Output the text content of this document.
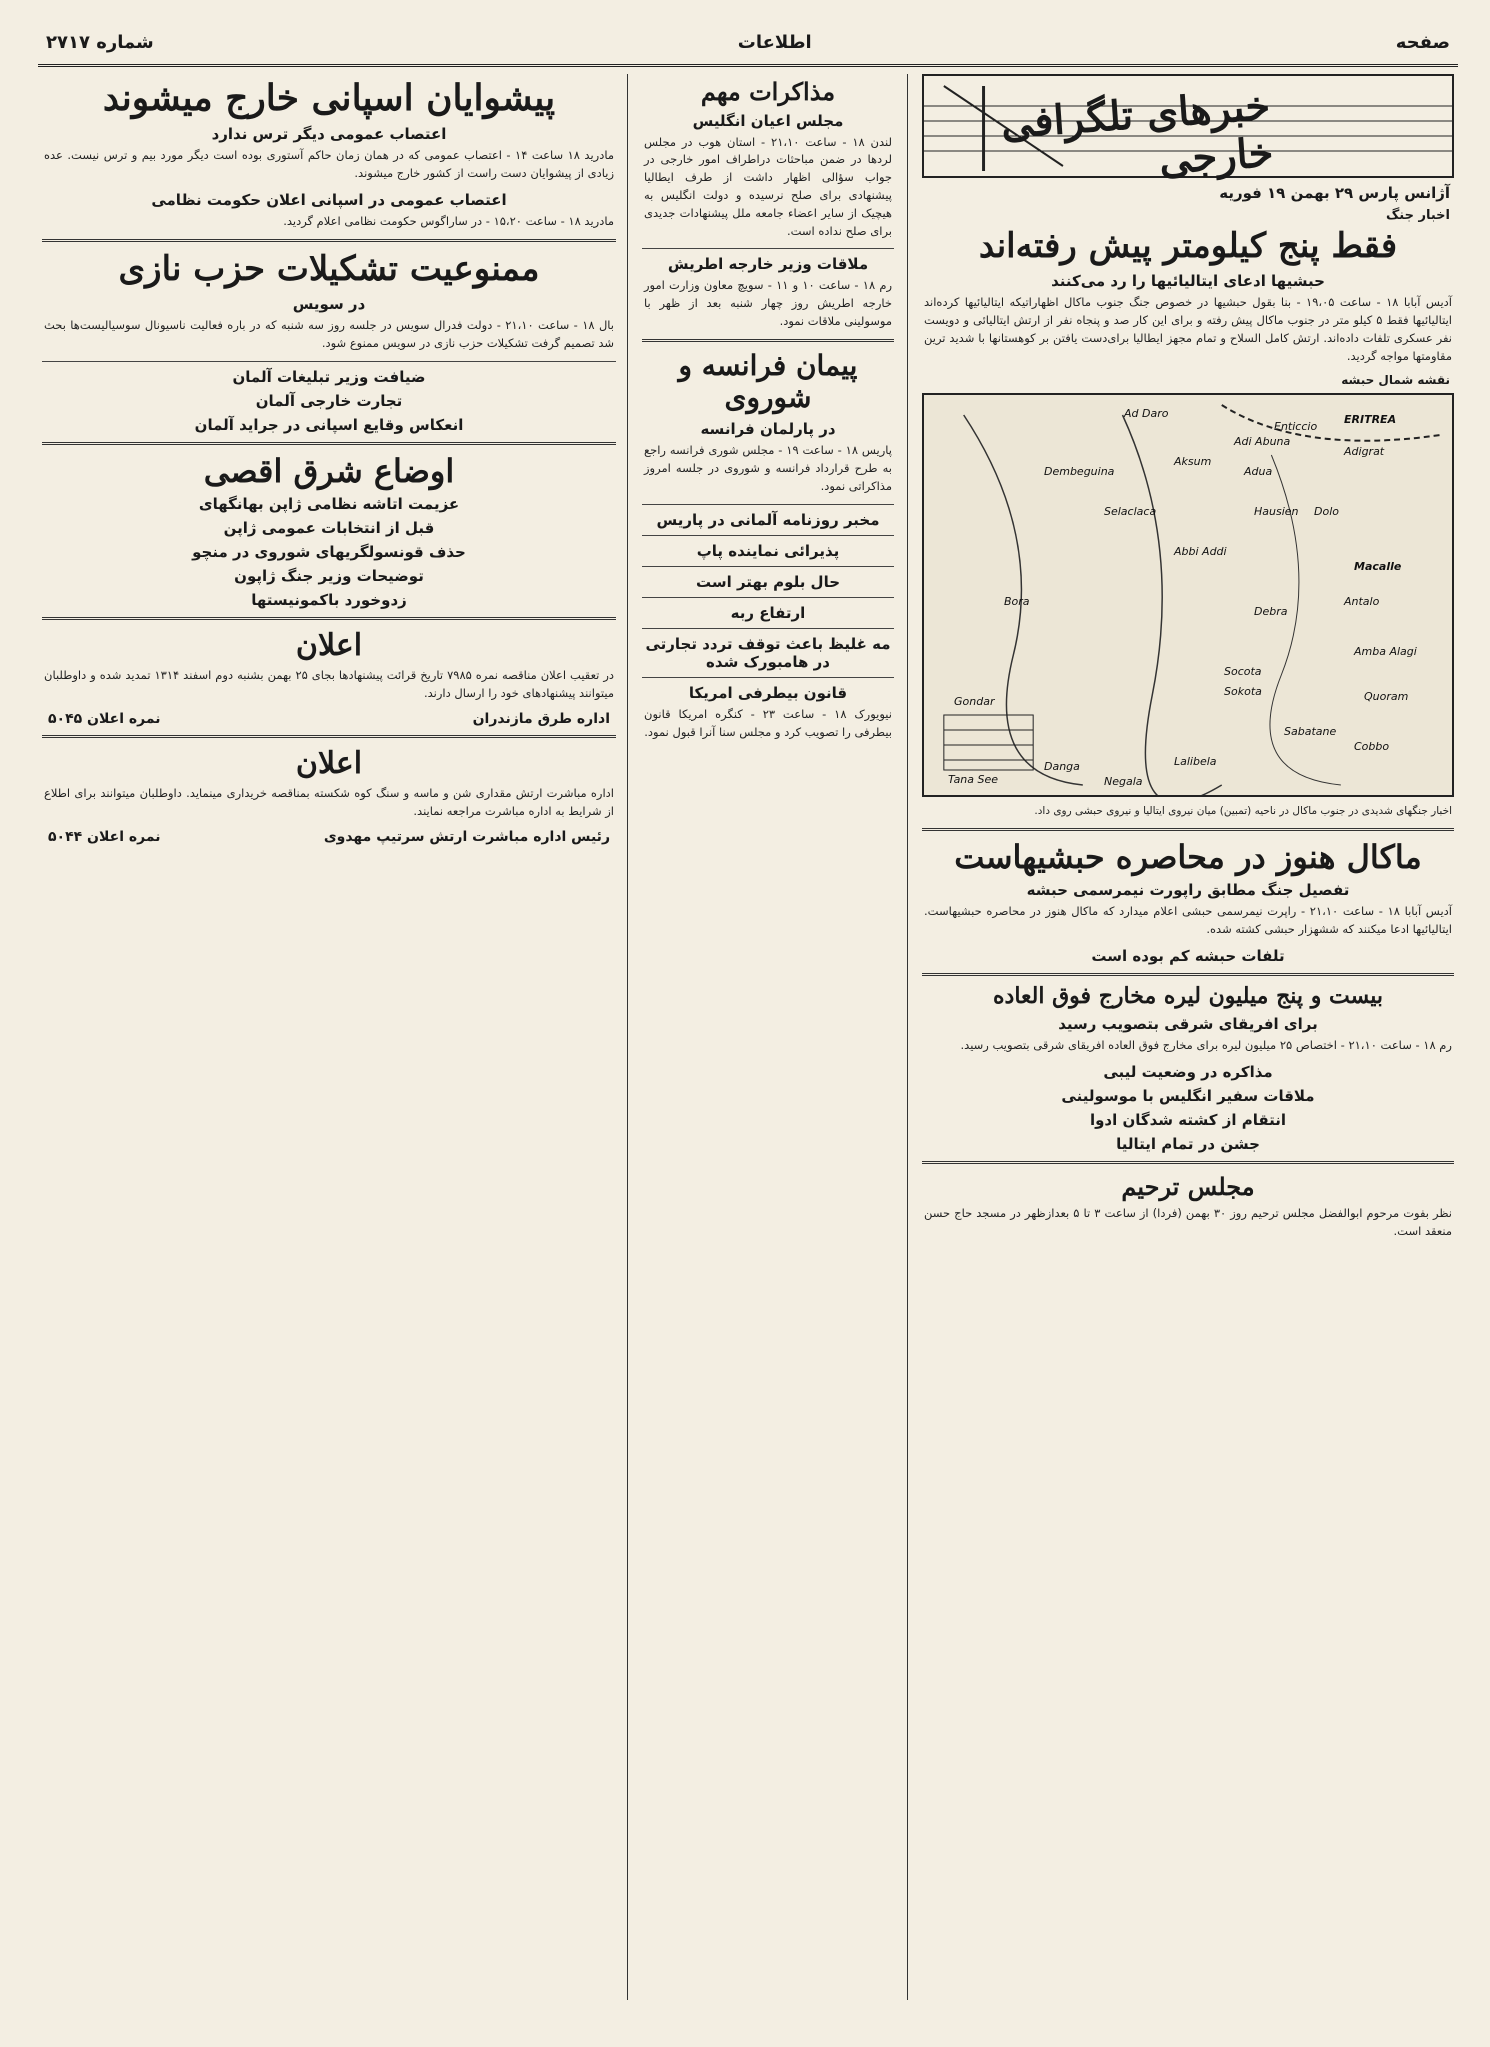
صفحه
اطلاعات
شماره ۲۷۱۷
خبرهای تلگرافی خارجی
آژانس پارس ۲۹ بهمن ۱۹ فوریه
اخبار جنگ
فقط پنج کیلومتر پیش رفته‌اند
حبشیها ادعای ایتالیائیها را رد می‌کنند
آدیس آبابا ۱۸ - ساعت ۱۹،۰۵ - بنا بقول حبشیها در خصوص جنگ جنوب ماکال اظهاراتیکه ایتالیائیها کرده‌اند ایتالیائیها فقط ۵ کیلو متر در جنوب ماکال پیش رفته و برای این کار صد و پنجاه نفر از ارتش ایتالیائی و دویست نفر عسکری تلفات داده‌اند. ارتش کامل السلاح و تمام مجهز ایطالیا برای‌دست یافتن بر کوهستانها با شدید ترین مقاومتها مواجه گردید.
نقشه شمال حبشه
ERITREA
Aksum
Adua
Adigrat
Macalle
Antalo
Amba Alagi
Socota
Sokota
Tana See
Gondar
Negala
Danga
Ad Daro
Dembeguina
Selaclaca
Adi Abuna
Enticcio
Hausien Dolo
Abbi Addi
Bora
Quoram
Cobbo
Sabatane
Debra
Lalibela
اخبار جنگهای شدیدی در جنوب ماکال در ناحیه (تمبین) میان نیروی ایتالیا و نیروی حبشی روی داد.
ماکال هنوز در محاصره حبشیهاست
تفصیل جنگ مطابق راپورت نیمرسمی حبشه
آدیس آبابا ۱۸ - ساعت ۲۱،۱۰ - راپرت نیمرسمی حبشی اعلام میدارد که ماکال هنوز در محاصره حبشیهاست. ایتالیائیها ادعا میکنند که ششهزار حبشی کشته شده.
تلفات حبشه کم بوده است
بیست و پنج میلیون لیره مخارج فوق العاده
برای افریقای شرقی بتصویب رسید
رم ۱۸ - ساعت ۲۱،۱۰ - اختصاص ۲۵ میلیون لیره برای مخارج فوق العاده افریقای شرقی بتصویب رسید.
مذاکره در وضعیت لیبی
ملاقات سفیر انگلیس با موسولینی
انتقام از کشته شدگان ادوا
جشن در تمام ایتالیا
مجلس ترحیم
نظر بفوت مرحوم ابوالفضل مجلس ترحیم روز ۳۰ بهمن (فردا) از ساعت ۳ تا ۵ بعدازظهر در مسجد حاج حسن منعقد است.
مذاکرات مهم
مجلس اعیان انگلیس
لندن ۱۸ - ساعت ۲۱،۱۰ - استان هوب در مجلس لردها در ضمن مباحثات دراطراف امور خارجی در جواب سؤالی اظهار داشت از طرف ایطالیا پیشنهادی برای صلح نرسیده و دولت انگلیس به هیچیک از سایر اعضاء جامعه ملل پیشنهادات جدیدی برای صلح نداده است.
ملاقات وزیر خارجه اطریش
رم ۱۸ - ساعت ۱۰ و ۱۱ - سویچ معاون وزارت امور خارجه اطریش روز چهار شنبه بعد از ظهر با موسولینی ملاقات نمود.
پیمان فرانسه و شوروی
در پارلمان فرانسه
پاریس ۱۸ - ساعت ۱۹ - مجلس شوری فرانسه راجع به طرح قرارداد فرانسه و شوروی در جلسه امروز مذاکراتی نمود.
مخبر روزنامه آلمانی در پاریس
پذیرائی نماینده پاپ
حال بلوم بهتر است
ارتفاع ربه
مه غلیظ باعث توقف تردد تجارتی در هامبورک شده
قانون بیطرفی امریکا
نیویورک ۱۸ - ساعت ۲۳ - کنگره امریکا قانون بیطرفی را تصویب کرد و مجلس سنا آنرا قبول نمود.
پیشوایان اسپانی خارج میشوند
اعتصاب عمومی دیگر ترس ندارد
مادرید ۱۸ ساعت ۱۴ - اعتصاب عمومی که در همان زمان حاکم آستوری بوده است دیگر مورد بیم و ترس نیست. عده زیادی از پیشوایان دست راست از کشور خارج میشوند.
اعتصاب عمومی در اسپانی اعلان حکومت نظامی
مادرید ۱۸ - ساعت ۱۵،۲۰ - در ساراگوس حکومت نظامی اعلام گردید.
ممنوعیت تشکیلات حزب نازی
در سویس
بال ۱۸ - ساعت ۲۱،۱۰ - دولت فدرال سویس در جلسه روز سه شنبه که در باره فعالیت ناسیونال سوسیالیست‌ها بحث شد تصمیم گرفت تشکیلات حزب نازی در سویس ممنوع شود.
ضیافت وزیر تبلیغات آلمان
تجارت خارجی آلمان
انعکاس وقایع اسپانی در جراید آلمان
اوضاع شرق اقصی
عزیمت اتاشه نظامی ژاپن بهانگهای
قبل از انتخابات عمومی ژاپن
حذف قونسولگریهای شوروی در منچو
توضیحات وزیر جنگ ژاپون
زدوخورد باکمونیستها
اعلان
در تعقیب اعلان مناقصه نمره ۷۹۸۵ تاریخ قرائت پیشنهادها بجای ۲۵ بهمن بشنبه دوم اسفند ۱۳۱۴ تمدید شده و داوطلبان میتوانند پیشنهادهای خود را ارسال دارند.
اداره طرق مازندران
نمره اعلان ۵۰۴۵
اعلان
اداره مباشرت ارتش مقداری شن و ماسه و سنگ کوه شکسته بمناقصه خریداری مینماید. داوطلبان میتوانند برای اطلاع از شرایط به اداره مباشرت مراجعه نمایند.
رئیس اداره مباشرت ارتش سرتیپ مهدوی
نمره اعلان ۵۰۴۴
